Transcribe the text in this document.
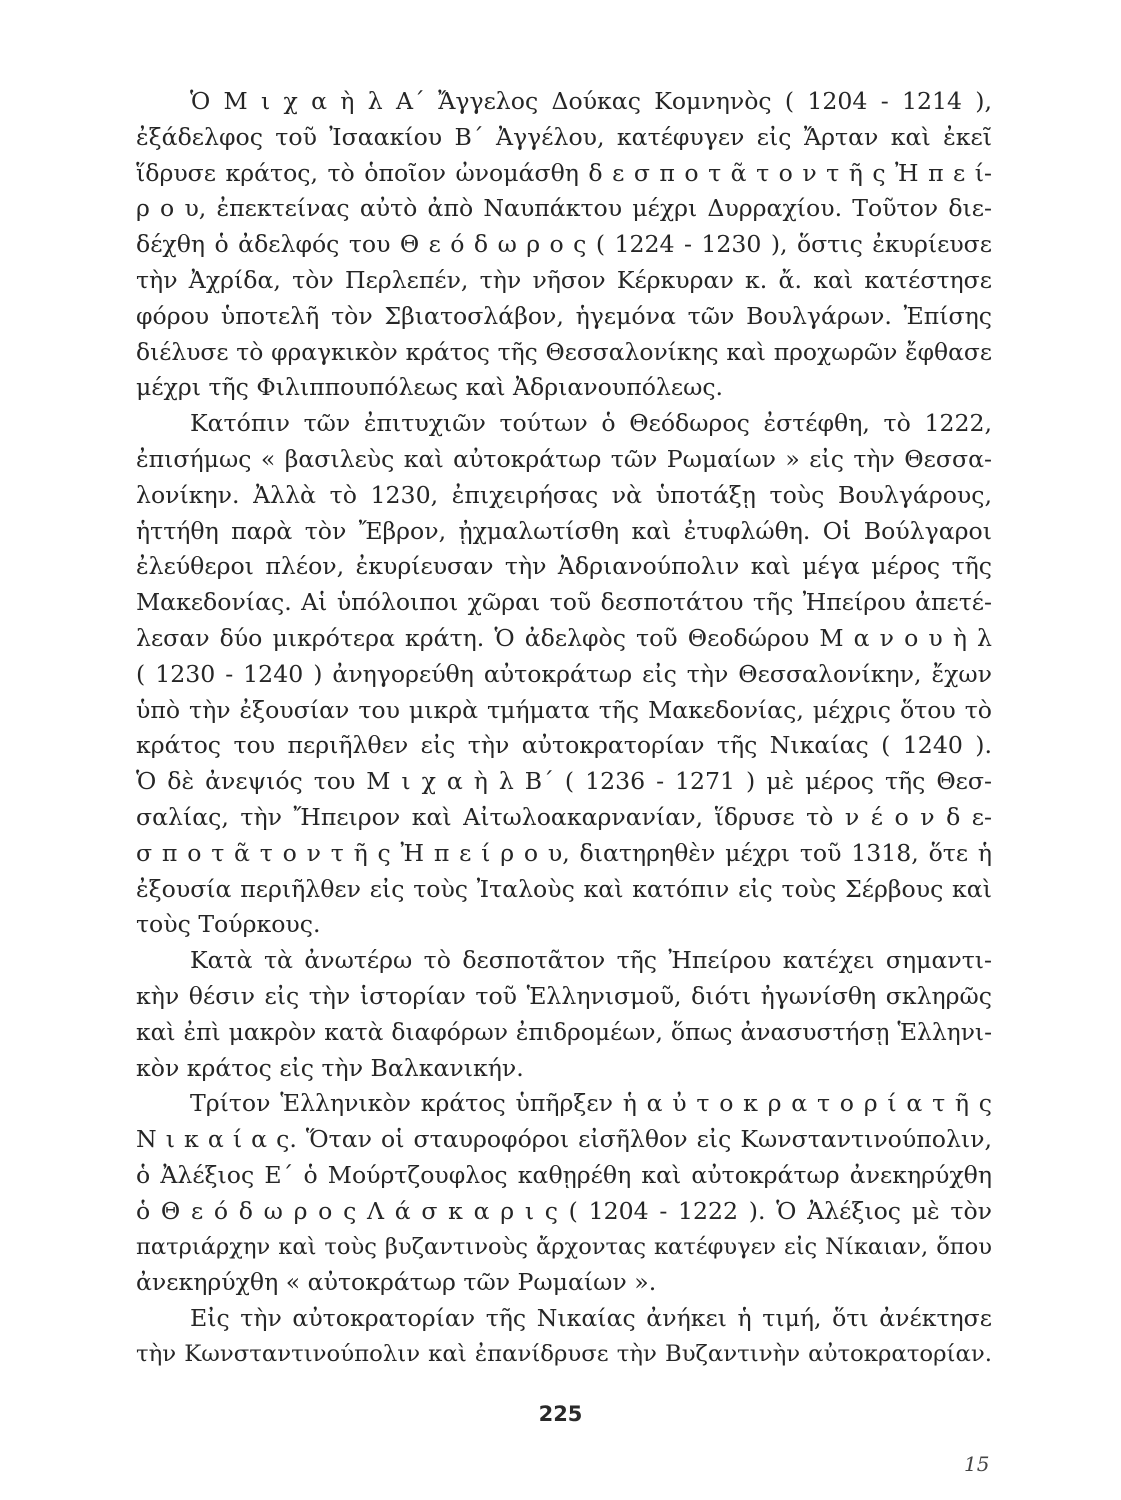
Ὁ Μ ι χ α ὴ λ Α΄ Ἄγγελος Δούκας Κομνηνὸς ( 1204 - 1214 ),
ἐξάδελφος τοῦ Ἰσαακίου Β΄ Ἀγγέλου, κατέφυγεν εἰς Ἄρταν καὶ ἐκεῖ
ἵδρυσε κράτος, τὸ ὁποῖον ὠνομάσθη δ ε σ π ο τ ᾶ τ ο ν τ ῆ ς Ἠ π ε ί-
ρ ο υ, ἐπεκτείνας αὐτὸ ἀπὸ Ναυπάκτου μέχρι Δυρραχίου. Τοῦτον διε-
δέχθη ὁ ἀδελφός του Θ ε ό δ ω ρ ο ς ( 1224 - 1230 ), ὅστις ἐκυρίευσε
τὴν Ἀχρίδα, τὸν Περλεπέν, τὴν νῆσον Κέρκυραν κ. ἄ. καὶ κατέστησε
φόρου ὑποτελῆ τὸν Σβιατοσλάβον, ἡγεμόνα τῶν Βουλγάρων. Ἐπίσης
διέλυσε τὸ φραγκικὸν κράτος τῆς Θεσσαλονίκης καὶ προχωρῶν ἔφθασε
μέχρι τῆς Φιλιππουπόλεως καὶ Ἀδριανουπόλεως.
Κατόπιν τῶν ἐπιτυχιῶν τούτων ὁ Θεόδωρος ἐστέφθη, τὸ 1222,
ἐπισήμως « βασιλεὺς καὶ αὐτοκράτωρ τῶν Ρωμαίων » εἰς τὴν Θεσσα-
λονίκην. Ἀλλὰ τὸ 1230, ἐπιχειρήσας νὰ ὑποτάξῃ τοὺς Βουλγάρους,
ἡττήθη παρὰ τὸν Ἔβρον, ᾐχμαλωτίσθη καὶ ἐτυφλώθη. Οἱ Βούλγαροι
ἐλεύθεροι πλέον, ἐκυρίευσαν τὴν Ἀδριανούπολιν καὶ μέγα μέρος τῆς
Μακεδονίας. Αἱ ὑπόλοιποι χῶραι τοῦ δεσποτάτου τῆς Ἠπείρου ἀπετέ-
λεσαν δύο μικρότερα κράτη. Ὁ ἀδελφὸς τοῦ Θεοδώρου Μ α ν ο υ ὴ λ
( 1230 - 1240 ) ἀνηγορεύθη αὐτοκράτωρ εἰς τὴν Θεσσαλονίκην, ἔχων
ὑπὸ τὴν ἐξουσίαν του μικρὰ τμήματα τῆς Μακεδονίας, μέχρις ὅτου τὸ
κράτος του περιῆλθεν εἰς τὴν αὐτοκρατορίαν τῆς Νικαίας ( 1240 ).
Ὁ δὲ ἀνεψιός του Μ ι χ α ὴ λ Β΄ ( 1236 - 1271 ) μὲ μέρος τῆς Θεσ-
σαλίας, τὴν Ἤπειρον καὶ Αἰτωλοακαρνανίαν, ἵδρυσε τὸ ν έ ο ν δ ε-
σ π ο τ ᾶ τ ο ν τ ῆ ς Ἠ π ε ί ρ ο υ, διατηρηθὲν μέχρι τοῦ 1318, ὅτε ἡ
ἐξουσία περιῆλθεν εἰς τοὺς Ἰταλοὺς καὶ κατόπιν εἰς τοὺς Σέρβους καὶ
τοὺς Τούρκους.
Κατὰ τὰ ἀνωτέρω τὸ δεσποτᾶτον τῆς Ἠπείρου κατέχει σημαντι-
κὴν θέσιν εἰς τὴν ἱστορίαν τοῦ Ἑλληνισμοῦ, διότι ἠγωνίσθη σκληρῶς
καὶ ἐπὶ μακρὸν κατὰ διαφόρων ἐπιδρομέων, ὅπως ἀνασυστήσῃ Ἑλληνι-
κὸν κράτος εἰς τὴν Βαλκανικήν.
Τρίτον Ἑλληνικὸν κράτος ὑπῆρξεν ἡ α ὐ τ ο κ ρ α τ ο ρ ί α τ ῆ ς
Ν ι κ α ί α ς. Ὅταν οἱ σταυροφόροι εἰσῆλθον εἰς Κωνσταντινούπολιν,
ὁ Ἀλέξιος Ε΄ ὁ Μούρτζουφλος καθῃρέθη καὶ αὐτοκράτωρ ἀνεκηρύχθη
ὁ Θ ε ό δ ω ρ ο ς Λ ά σ κ α ρ ι ς ( 1204 - 1222 ). Ὁ Ἀλέξιος μὲ τὸν
πατριάρχην καὶ τοὺς βυζαντινοὺς ἄρχοντας κατέφυγεν εἰς Νίκαιαν, ὅπου
ἀνεκηρύχθη « αὐτοκράτωρ τῶν Ρωμαίων ».
Εἰς τὴν αὐτοκρατορίαν τῆς Νικαίας ἀνήκει ἡ τιμή, ὅτι ἀνέκτησε
τὴν Κωνσταντινούπολιν καὶ ἐπανίδρυσε τὴν Βυζαντινὴν αὐτοκρατορίαν.
225
15
